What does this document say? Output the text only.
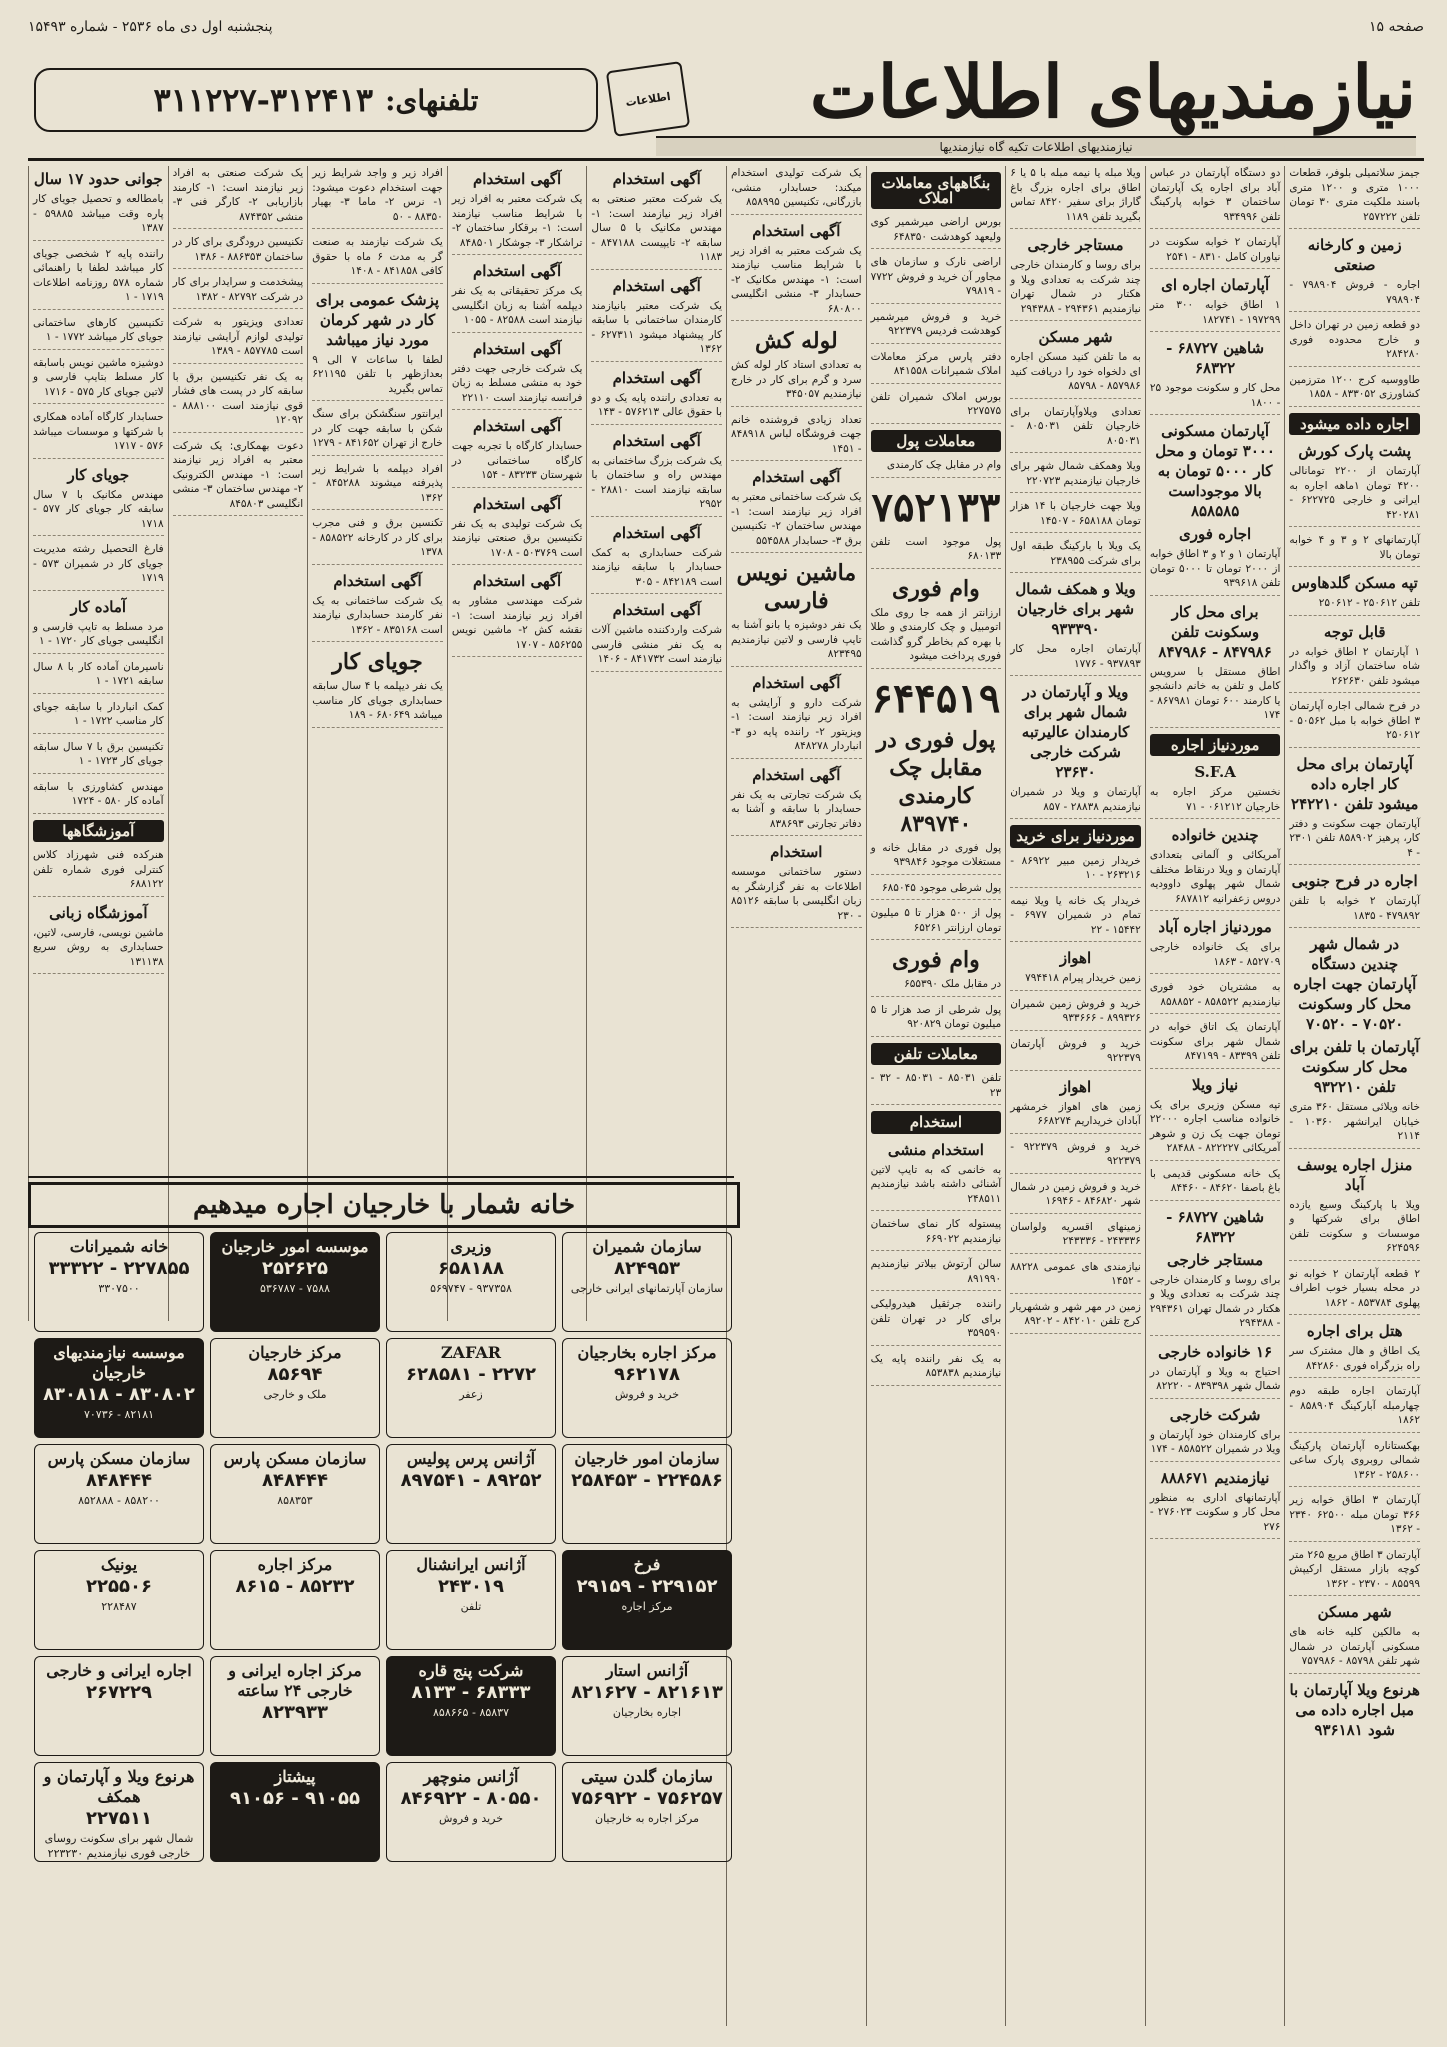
صفحه ۱۵
پنجشنبه اول دی ماه ۲۵۳۶ - شماره ۱۵۴۹۳
نیازمندیهای اطلاعات
نیازمندیهای اطلاعات تکیه گاه نیازمندیها
اطلاعات
تلفنهای:
۳۱۱۲۲۷-۳۱۲۴۱۳
جیمز سلاتمیلی بلوفر، قطعات ۱۰۰۰ متری و ۱۲۰۰ متری باسند ملکیت متری ۳۰ تومان تلفن ۲۵۷۲۲۲
زمین و کارخانه صنعتی
اجاره - فروش ۷۹۸۹۰۴ - ۷۹۸۹۰۴
دو قطعه زمین در تهران داخل و خارج محدوده فوری ۲۸۴۲۸۰
طاووسیه کرج ۱۲۰۰ مترزمین کشاورزی ۸۳۳۰۵۲ - ۱۸۵۸
اجاره داده میشود
پشت پارک کورش
آپارتمان از ۲۲۰۰ تومانالی ۴۲۰۰ تومان ۱ماهه اجاره به ایرانی و خارجی ۶۲۲۷۲۵ - ۴۲۰۲۸۱
آپارتمانهای ۲ و ۳ و ۴ خوابه تومان بالا
تپه مسکن گلدهاوس
تلفن ۲۵۰۶۱۲ - ۲۵۰۶۱۲
قابل توجه
۱ آپارتمان ۲ اطاق خوابه در شاه ساختمان آزاد و واگذار میشود تلفن ۲۶۲۶۳۰
در فرح شمالی اجاره آپارتمان ۳ اطاق خوابه با مبل ۵۰۵۶۲ - ۲۵۰۶۱۲
آپارتمان برای محل کار اجاره داده میشود تلفن ۲۴۲۲۱۰
آپارتمان جهت سکونت و دفتر کار، پرهیز ۸۵۸۹۰۲ تلفن ۲۳۰۱ - ۴
اجاره در فرح جنوبی
آپارتمان ۲ خوابه با تلفن ۴۷۹۸۹۲ - ۱۸۳۵
در شمال شهر چندین دستگاه آپارتمان جهت اجاره محل کار وسکونت ۷۰۵۲۰ - ۷۰۵۲۰
آپارتمان با تلفن برای محل کار سکونت تلفن ۹۳۲۲۱۰
خانه ویلائی مستقل ۳۶۰ متری خیابان ایرانشهر ۱۰۳۶۰ - ۲۱۱۴
منزل اجاره یوسف آباد
ویلا با پارکینگ وسیع یازده اطاق برای شرکتها و موسسات و سکونت تلفن ۶۲۴۵۹۶
۲ قطعه آپارتمان ۲ خوابه نو در محله بسیار خوب اطراف پهلوی ۸۵۳۷۸۴ - ۱۸۶۲
هتل برای اجاره
یک اطاق و هال مشترک سر راه بزرگراه فوری ۸۴۲۸۶۰
آپارتمان اجاره طبقه دوم چهارمبله آبارکینگ ۸۵۸۹۰۴ - ۱۸۶۲
بهکستاناره آپارتمان پارکینگ شمالی روبروی پارک ساعی ۲۵۸۶۰۰ - ۱۳۶۲
آپارتمان ۳ اطاق خوابه زیر ۳۶۶ تومان مبله ۶۲۵۰۰ ۲۳۴۰ - ۱۳۶۲
آپارتمان ۳ اطاق مربع ۲۶۵ متر کوچه بازار مستقل ارکیپش ۸۵۵۹۹ - ۲۳۷۰ - ۱۳۶۲
شهر مسکن
به مالکین کلیه خانه های مسکونی آپارتمان در شمال شهر تلفن ۸۵۷۹۸ - ۷۵۷۹۸۶
هرنوع ویلا آپارتمان با مبل اجاره داده می شود ۹۳۶۱۸۱
دو دستگاه آپارتمان در عباس آباد برای اجاره یک آپارتمان ساختمان ۳ خوابه پارکینگ تلفن ۹۳۴۹۹۶
آپارتمان ۲ خوابه سکونت در نیاوران کامل ۸۳۱۰ - ۲۵۴۱
آپارتمان اجاره ای
۱ اطاق خوابه ۳۰۰ متر ۱۹۷۲۹۹ - ۱۸۲۷۴۱
شاهین ۶۸۷۲۷ - ۶۸۳۲۲
محل کار و سکونت موجود ۲۵ - ۱۸۰۰
آپارتمان مسکونی ۳۰۰۰ تومان و محل کار ۵۰۰۰ تومان به بالا موجوداست ۸۵۸۵۸۵
اجاره فوری
آپارتمان ۱ و ۲ و ۳ اطاق خوابه از ۲۰۰۰ تومان تا ۵۰۰۰ تومان تلفن ۹۳۹۶۱۸
برای محل کار وسکونت تلفن ۸۴۷۹۸۶ - ۸۴۷۹۸۶
اطاق مستقل با سرویس کامل و تلفن به خانم دانشجو یا کارمند ۶۰۰ تومان ۸۶۷۹۸۱ - ۱۷۴
موردنیاز اجاره
S.F.A
نخستین مرکز اجاره به خارجیان ۰۶۱۲۱۲ - ۷۱
چندین خانواده
آمریکائی و آلمانی بتعدادی آپارتمان و ویلا درنقاط مختلف شمال شهر پهلوی داوودیه دروس زعفرانیه ۶۸۷۸۱۲
موردنیاز اجاره آباد
برای یک خانواده خارجی ۸۵۲۷۰۹ - ۱۸۶۳
به مشتریان خود فوری نیازمندیم ۸۵۸۵۲۲ - ۸۵۸۸۵۲
آپارتمان یک اتاق خوابه در شمال شهر برای سکونت تلفن ۸۳۳۹۹ - ۸۴۷۱۹۹
نیاز ویلا
تپه مسکن وزیری برای یک خانواده مناسب اجاره ۲۲۰۰۰ تومان جهت یک زن و شوهر آمریکائی ۸۲۲۲۲۷ - ۲۸۴۸۸
یک خانه مسکونی قدیمی با باغ باصفا ۸۴۶۲۰ - ۸۴۴۶۰
شاهین ۶۸۷۲۷ - ۶۸۳۲۲
مستاجر خارجی
برای روسا و کارمندان خارجی چند شرکت به تعدادی ویلا و هکتار در شمال تهران ۲۹۴۳۶۱ - ۲۹۴۳۸۸
۱۶ خانواده خارجی
احتیاج به ویلا و آپارتمان در شمال شهر ۸۳۹۳۹۸ - ۸۲۲۲۰
شرکت خارجی
برای کارمندان خود آپارتمان و ویلا در شمیران ۸۵۸۵۲۲ - ۱۷۴
نیازمندیم ۸۸۸۶۷۱
آپارتمانهای اداری به منظور محل کار و سکونت ۲۷۶۰۲۳ - ۲۷۶
ویلا مبله یا نیمه مبله با ۵ یا ۶ اطاق برای اجاره بزرگ باغ گاراژ برای سفیر ۸۴۲۰ تماس بگیرید تلفن ۱۱۸۹
مستاجر خارجی
برای روسا و کارمندان خارجی چند شرکت به تعدادی ویلا و هکتار در شمال تهران نیازمندیم ۲۹۴۳۶۱ - ۲۹۴۳۸۸
شهر مسکن
به ما تلفن کنید مسکن اجاره ای دلخواه خود را دریافت کنید ۸۵۷۹۸۶ - ۸۵۷۹۸
تعدادی ویلاوآپارتمان برای خارجیان تلفن ۸۰۵۰۳۱ - ۸۰۵۰۳۱
ویلا وهمکف شمال شهر برای خارجیان نیازمندیم ۲۲۰۷۲۳
ویلا جهت خارجیان با ۱۴ هزار تومان ۶۵۸۱۸۸ - ۱۴۵۰۷
یک ویلا با بارکینگ طبقه اول برای شرکت ۲۳۸۹۵۵
ویلا و همکف شمال شهر برای خارجیان ۹۳۳۳۹۰
آپارتمان اجاره محل کار ۹۳۷۸۹۳ - ۱۷۷۶
ویلا و آپارتمان در شمال شهر برای کارمندان عالیرتبه شرکت خارجی ۲۳۶۳۰
آپارتمان و ویلا در شمیران نیازمندیم ۲۸۸۳۸ - ۸۵۷
موردنیاز برای خرید
خریدار زمین مبیر ۸۶۹۲۲ - ۲۶۳۲۱۶ - ۱۰
خریدار یک خانه یا ویلا نیمه تمام در شمیران ۶۹۷۷ - ۱۵۴۴۲ - ۲۲
اهواز
زمین خریدار پیرام ۷۹۴۴۱۸
خرید و فروش زمین شمیران ۸۹۹۳۲۶ - ۹۳۳۶۶۶
خرید و فروش آپارتمان ۹۲۲۳۷۹
اهواز
زمین های اهواز خرمشهر آبادان خریداریم ۶۶۸۲۷۴
خرید و فروش ۹۲۲۳۷۹ - ۹۲۲۳۷۹
خرید و فروش زمین در شمال شهر ۸۴۶۸۲۰ - ۱۶۹۴۶
زمینهای اقسریه ولواسان ۲۴۳۳۳۶ - ۲۴۳۳۳۶
نیازمندی های عمومی ۸۸۲۲۸ - ۱۴۵۲
زمین در مهر شهر و ششهریار کرج تلفن ۸۴۲۰۱۰ - ۸۹۲۰۲
بنگاههای معاملات املاک
بورس اراضی میرشمیر کوی ولیعهد کوهدشت ۶۴۸۳۵۰
اراضی نارک و سازمان های مجاور آن خرید و فروش ۷۷۲۲ - ۷۹۸۱۹
خرید و فروش میرشمیر کوهدشت فردیس ۹۲۲۳۷۹
دفتر پارس مرکز معاملات املاک شمیرانات ۸۴۱۵۵۸
بورس املاک شمیران تلفن ۲۲۷۵۷۵
معاملات پول
وام در مقابل چک کارمندی
۷۵۲۱۳۳
پول موجود است تلفن ۶۸۰۱۳۳
وام فوری
ارزانتر از همه جا روی ملک اتومبیل و چک کارمندی و طلا با بهره کم بخاطر گرو گذاشت فوری پرداخت میشود
۶۴۴۵۱۹
پول فوری در مقابل چک کارمندی ۸۳۹۷۴۰
پول فوری در مقابل خانه و مستغلات موجود ۹۳۹۸۴۶
پول شرطی موجود ۶۸۵۰۴۵
پول از ۵۰۰ هزار تا ۵ میلیون تومان ارزانتر ۶۵۲۶۱
وام فوری
در مقابل ملک ۶۵۵۳۹۰
پول شرطی از صد هزار تا ۵ میلیون تومان ۹۲۰۸۲۹
معاملات تلفن
تلفن ۸۵۰۳۱ - ۸۵۰۳۱ - ۳۲ - ۲۳
استخدام
استخدام منشی
به خانمی که به تایپ لاتین آشنائی داشته باشد نیازمندیم ۲۴۸۵۱۱
پیستوله کار نمای ساختمان نیازمندیم ۶۶۹۰۲۲
سالن آرتوش بیلاتر نیازمندیم ۸۹۱۹۹۰
راننده جرثقیل هیدرولیکی برای کار در تهران تلفن ۳۵۹۵۹۰
به یک نفر راننده پایه یک نیازمندیم ۸۵۳۸۳۸
یک شرکت تولیدی استخدام میکند: حسابدار، منشی، بازرگانی، تکنیسین ۸۵۸۹۹۵
آگهی استخدام
یک شرکت معتبر به افراد زیر با شرایط مناسب نیازمند است: ۱- مهندس مکانیک ۲- حسابدار ۳- منشی انگلیسی ۶۸۰۸۰۰
لوله کش
به تعدادی استاد کار لوله کش سرد و گرم برای کار در خارج نیازمندیم ۳۴۵۰۵۷
تعداد زیادی فروشنده خانم جهت فروشگاه لباس ۸۴۸۹۱۸ - ۱۴۵۱
آگهی استخدام
یک شرکت ساختمانی معتبر به افراد زیر نیازمند است: ۱- مهندس ساختمان ۲- تکنیسین برق ۳- حسابدار ۵۵۴۵۸۸
ماشین نویس فارسی
یک نفر دوشیزه یا بانو آشنا به تایپ فارسی و لاتین نیازمندیم ۸۲۳۴۹۵
آگهی استخدام
شرکت دارو و آرایشی به افراد زیر نیازمند است: ۱- ویزیتور ۲- راننده پایه دو ۳- انباردار ۸۴۸۲۷۸
آگهی استخدام
یک شرکت تجارتی به یک نفر حسابدار با سابقه و آشنا به دفاتر تجارتی ۸۳۸۶۹۳
استخدام
دستور ساختمانی موسسه اطلاعات به نفر گزارشگر به زبان انگلیسی با سابقه ۸۵۱۲۶ - ۲۳۰
آگهی استخدام
یک شرکت معتبر صنعتی به افراد زیر نیازمند است: ۱- مهندس مکانیک با ۵ سال سابقه ۲- تایپیست ۸۴۷۱۸۸ - ۱۱۸۳
آگهی استخدام
یک شرکت معتبر بانیازمند کارمندان ساختمانی با سابقه کار پیشنهاد میشود ۶۲۷۳۱۱ - ۱۳۶۲
آگهی استخدام
به تعدادی راننده پایه یک و دو با حقوق عالی ۵۷۶۲۱۳ - ۱۴۳
آگهی استخدام
یک شرکت بزرگ ساختمانی به مهندس راه و ساختمان با سابقه نیازمند است ۲۸۸۱۰ - ۲۹۵۲
آگهی استخدام
شرکت حسابداری به کمک حسابدار با سابقه نیازمند است ۸۴۲۱۸۹ - ۳۰۵
آگهی استخدام
شرکت واردکننده ماشین آلات به یک نفر منشی فارسی نیازمند است ۸۴۱۷۳۲ - ۱۴۰۶
آگهی استخدام
یک شرکت معتبر به افراد زیر با شرایط مناسب نیازمند است: ۱- برقکار ساختمان ۲- تراشکار ۳- جوشکار ۸۴۸۵۰۱
آگهی استخدام
یک مرکز تحقیقاتی به یک نفر دیپلمه آشنا به زبان انگلیسی نیازمند است ۸۲۵۸۸ - ۱۰۵۵
آگهی استخدام
یک شرکت خارجی جهت دفتر خود به منشی مسلط به زبان فرانسه نیازمند است ۲۲۱۱۰
آگهی استخدام
حسابدار کارگاه با تجربه جهت کارگاه ساختمانی در شهرستان ۸۳۲۳۳ - ۱۵۴
آگهی استخدام
یک شرکت تولیدی به یک نفر تکنیسین برق صنعتی نیازمند است ۵۰۳۷۶۹ - ۱۷۰۸
آگهی استخدام
شرکت مهندسی مشاور به افراد زیر نیازمند است: ۱- نقشه کش ۲- ماشین نویس ۸۵۶۲۵۵ - ۱۷۰۷
افراد زیر و واجد شرایط زیر جهت استخدام دعوت میشود: ۱- نرس ۲- ماما ۳- بهیار ۸۸۳۵۰ - ۵۰
یک شرکت نیازمند به صنعت گر به مدت ۶ ماه با حقوق کافی ۸۴۱۸۵۸ - ۱۴۰۸
پزشک عمومی برای کار در شهر کرمان مورد نیاز میباشد
لطفا با ساعات ۷ الی ۹ بعدازظهر با تلفن ۶۲۱۱۹۵ تماس بگیرید
ایرانتور سنگشکن برای سنگ شکن با سابقه جهت کار در خارج از تهران ۸۴۱۶۵۲ - ۱۲۷۹
افراد دیپلمه با شرایط زیر پذیرفته میشوند ۸۴۵۲۸۸ - ۱۳۶۲
تکنسین برق و فنی مجرب برای کار در کارخانه ۸۵۸۵۲۲ - ۱۳۷۸
آگهی استخدام
یک شرکت ساختمانی به یک نفر کارمند حسابداری نیازمند است ۸۳۵۱۶۸ - ۱۳۶۲
جویای کار
یک نفر دیپلمه با ۴ سال سابقه حسابداری جویای کار مناسب میباشد ۶۸۰۶۴۹ - ۱۸۹
یک شرکت صنعتی به افراد زیر نیازمند است: ۱- کارمند بازاریابی ۲- کارگر فنی ۳- منشی ۸۷۴۳۵۲
تکنیسین درودگری برای کار در ساختمان ۸۸۶۳۵۳ - ۱۳۸۶
پیشخدمت و سرایدار برای کار در شرکت ۸۲۷۹۲ - ۱۳۸۲
تعدادی ویزیتور به شرکت تولیدی لوازم آرایشی نیازمند است ۸۵۷۷۸۵ - ۱۳۸۹
به یک نفر تکنیسین برق با سابقه کار در پست های فشار قوی نیازمند است ۸۸۸۱۰۰ - ۱۲۰۹۲
دعوت بهمکاری: یک شرکت معتبر به افراد زیر نیازمند است: ۱- مهندس الکترونیک ۲- مهندس ساختمان ۳- منشی انگلیسی ۸۴۵۸۰۳
جوانی حدود ۱۷ سال
بامطالعه و تحصیل جویای کار پاره وقت میباشد ۵۹۸۸۵ - ۱۳۸۷
راننده پایه ۲ شخصی جویای کار میباشد لطفا با راهنمائی شماره ۵۷۸ روزنامه اطلاعات ۱۷۱۹ - ۱
تکنیسین کارهای ساختمانی جویای کار میباشد ۱۷۷۲ - ۱
دوشیزه ماشین نویس باسابقه کار مسلط بتایپ فارسی و لاتین جویای کار ۵۷۵ - ۱۷۱۶
حسابدار کارگاه آماده همکاری با شرکتها و موسسات میباشد ۵۷۶ - ۱۷۱۷
جویای کار
مهندس مکانیک با ۷ سال سابقه کار جویای کار ۵۷۷ - ۱۷۱۸
فارغ التحصیل رشته مدیریت جویای کار در شمیران ۵۷۳ - ۱۷۱۹
آماده کار
مرد مسلط به تایپ فارسی و انگلیسی جویای کار ۱۷۲۰ - ۱
ناسیرمان آماده کار با ۸ سال سابقه ۱۷۲۱ - ۱
کمک انباردار با سابقه جویای کار مناسب ۱۷۲۲ - ۱
تکنیسین برق با ۷ سال سابقه جویای کار ۱۷۲۳ - ۱
مهندس کشاورزی با سابقه آماده کار ۵۸۰ - ۱۷۲۴
آموزشگاهها
هنرکده فنی شهرزاد کلاس کنترلی فوری شماره تلفن ۶۸۸۱۲۲
آموزشگاه زبانی
ماشین نویسی، فارسی، لاتین، حسابداری به روش سریع ۱۳۱۱۳۸
خانه شمار با خارجیان اجاره میدهیم
سازمان شمیران
۸۲۴۹۵۳
سازمان آپارتمانهای ایرانی خارجی
وزیری
۶۵۸۱۸۸
۹۳۷۳۵۸ - ۵۶۹۷۴۷
موسسه امور خارجیان
۲۵۲۶۲۵
۷۵۸۸ - ۵۳۶۷۸۷
خانه شمیرانات
۲۲۷۸۵۵ - ۳۳۳۲۲
۳۳۰۷۵۰۰
مرکز اجاره بخارجیان
۹۶۲۱۷۸
خرید و فروش
ZAFAR
۲۲۷۲ - ۶۲۸۵۸۱
زعفر
مرکز خارجیان
۸۵۶۹۴
ملک و خارجی
موسسه نیازمندیهای خارجیان
۸۳۰۸۰۲ - ۸۳۰۸۱۸
۸۲۱۸۱ - ۷۰۷۳۶
سازمان امور خارجیان
۲۲۴۵۸۶ - ۲۵۸۴۵۳
آژانس پرس پولیس
۸۹۲۵۲ - ۸۹۷۵۴۱
سازمان مسکن پارس
۸۴۸۴۴۴
۸۵۸۳۵۳
سازمان مسکن پارس
۸۴۸۴۴۴
۸۵۸۲۰۰ - ۸۵۲۸۸۸
فرخ
۲۲۹۱۵۲ - ۲۹۱۵۹
مرکز اجاره
آژانس ایرانشنال
۲۴۳۰۱۹
تلفن
مرکز اجاره
۸۵۲۳۲ - ۸۶۱۵
یونیک
۲۲۵۵۰۶
۲۲۸۴۸۷
آژانس استار
۸۲۱۶۱۳ - ۸۲۱۶۲۷
اجاره بخارجیان
شرکت پنج قاره
۶۸۳۳۳ - ۸۱۳۳
۸۵۸۳۷ - ۸۵۸۶۶۵
مرکز اجاره ایرانی و خارجی ۲۴ ساعته
۸۲۳۹۳۳
اجاره ایرانی و خارجی
۲۶۷۲۲۹
سازمان گلدن سیتی
۷۵۶۲۵۷ - ۷۵۶۹۲۲
مرکز اجاره به خارجیان
آژانس منوچهر
۸۰۵۵۰ - ۸۴۶۹۲۲
خرید و فروش
پیشتاز
۹۱۰۵۵ - ۹۱۰۵۶
هرنوع ویلا و آپارتمان و همکف
۲۲۷۵۱۱
شمال شهر برای سکونت روسای خارجی فوری نیازمندیم ۲۲۳۲۳۰
